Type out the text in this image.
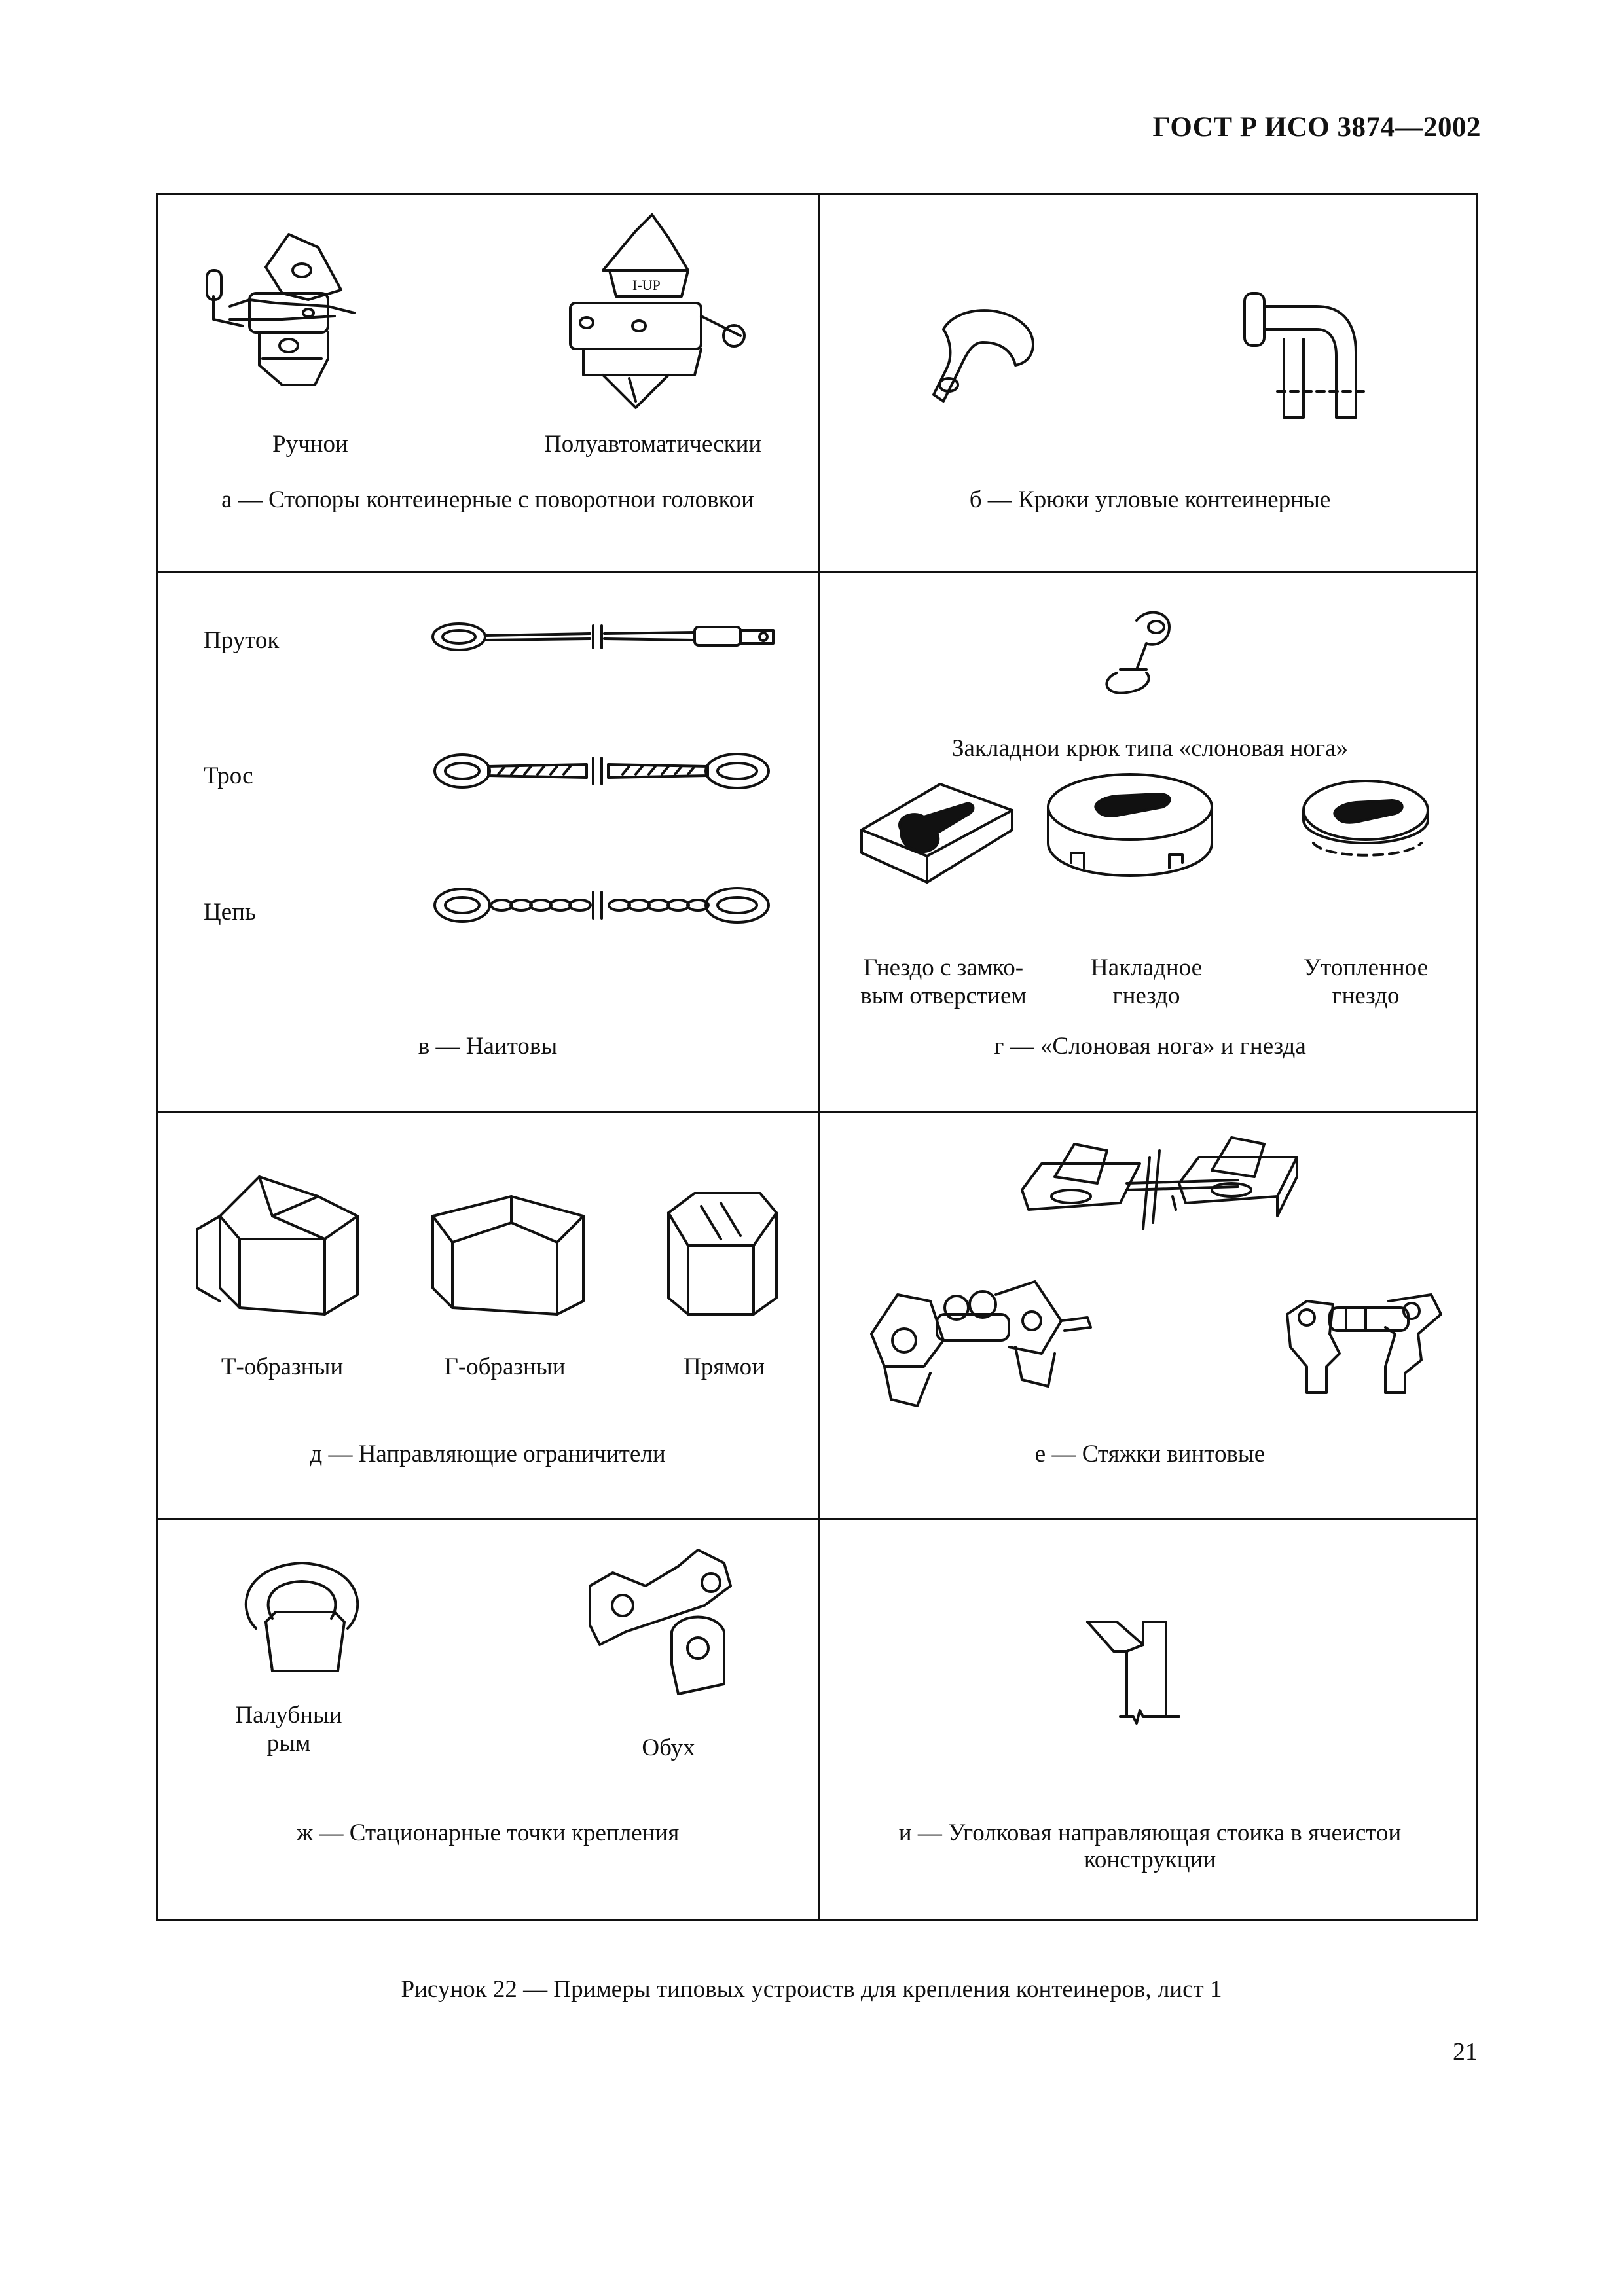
ГОСТ Р ИСО 3874—2002
I-UP
Ручнои	Полуавтоматическии
а — Стопоры контеинерные с поворотнои головкои	б — Крюки угловые контеинерные
Пруток
Трос
Цепь
в — Наитовы
Закладнои крюк типа «слоновая нога»
Гнездо с замко-
вым отверстием
Накладное
гнездо
Утопленное
гнездо
г — «Слоновая нога» и гнезда
Т-образныи	Г-образныи	Прямои
д — Направляющие ограничители	е — Стяжки винтовые
Палубныи
рым	Обух
ж — Стационарные точки крепления	и — Уголковая направляющая стоика в ячеистои
конструкции
Рисунок 22 — Примеры типовых устроиств для крепления контеинеров, лист 1
21
